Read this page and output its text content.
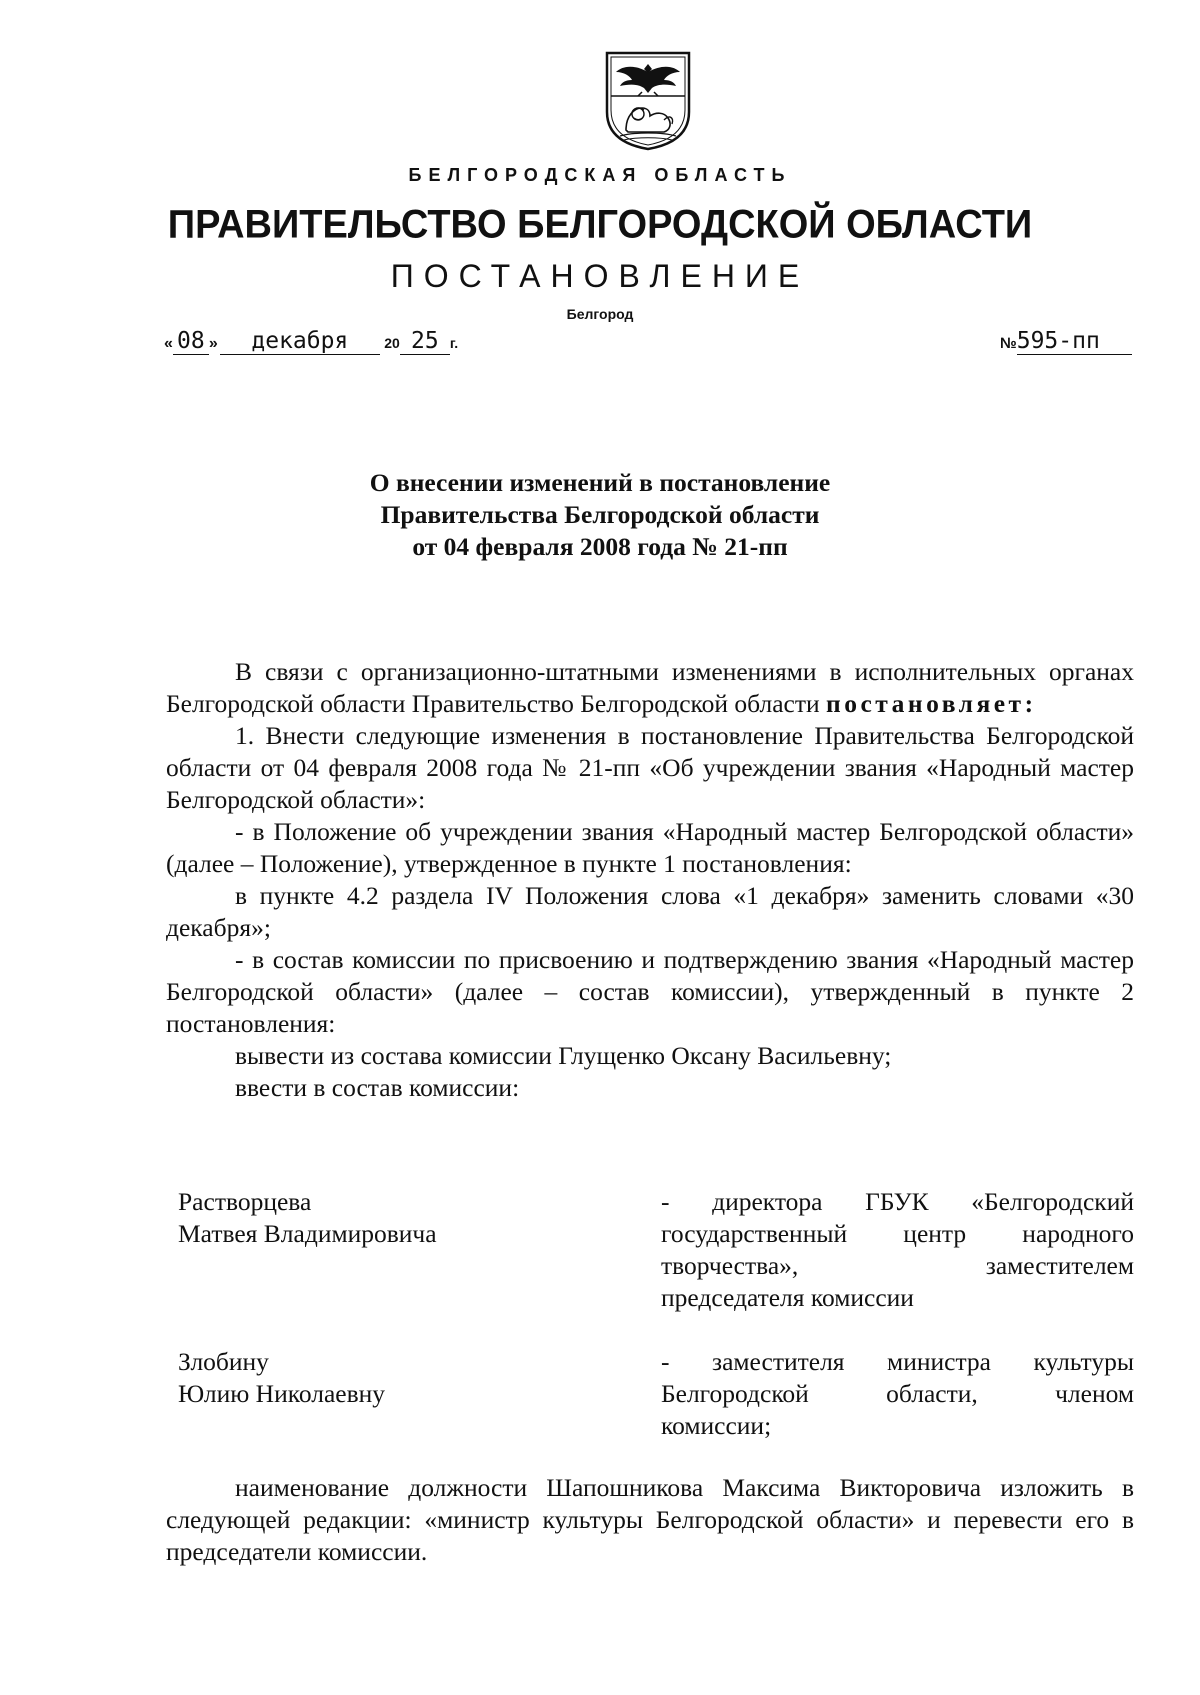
БЕЛГОРОДСКАЯ ОБЛАСТЬ
ПРАВИТЕЛЬСТВО БЕЛГОРОДСКОЙ ОБЛАСТИ
ПОСТАНОВЛЕНИЕ
Белгород
« 08 » декабря	20 25 г.	№595-пп
О внесении изменений в постановление
Правительства Белгородской области
от 04 февраля 2008 года № 21-пп

В связи с организационно-штатными изменениями в исполнительных органах Белгородской области Правительство Белгородской области постановляет:

1. Внести следующие изменения в постановление Правительства Белгородской области от 04 февраля 2008 года № 21-пп «Об учреждении звания «Народный мастер Белгородской области»:

- в Положение об учреждении звания «Народный мастер Белгородской области» (далее – Положение), утвержденное в пункте 1 постановления:

в пункте 4.2 раздела IV Положения слова «1 декабря» заменить словами «30 декабря»;

- в состав комиссии по присвоению и подтверждению звания «Народный мастер Белгородской области» (далее – состав комиссии), утвержденный в пункте 2 постановления:

вывести из состава комиссии Глущенко Оксану Васильевну;

ввести в состав комиссии:

Растворцева
Матвея Владимировича
- директора ГБУК «Белгородский
государственный центр народного
творчества», заместителем
председателя комиссии
Злобину
Юлию Николаевну
- заместителя министра культуры
Белгородской области, членом
комиссии;

наименование должности Шапошникова Максима Викторовича изложить в следующей редакции: «министр культуры Белгородской области» и перевести его в председатели комиссии.
